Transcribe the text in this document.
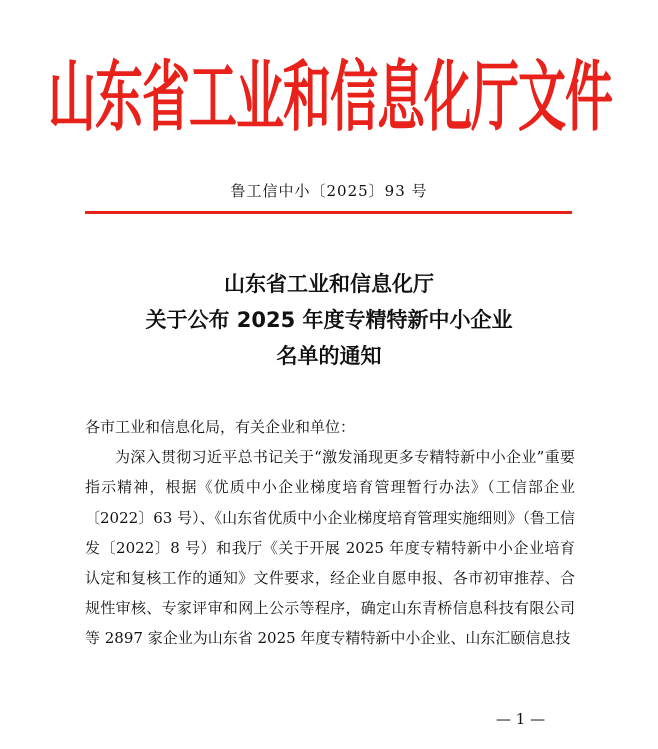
山东省工业和信息化厅文件
鲁工信中小〔2025〕93 号
山东省工业和信息化厅
关于公布 2025 年度专精特新中小企业
名单的通知
各市工业和信息化局，有关企业和单位：
为深入贯彻习近平总书记关于“激发涌现更多专精特新中小企业”重要指示精神，根据《优质中小企业梯度培育管理暂行办法》（工信部企业〔2022〕63 号）、《山东省优质中小企业梯度培育管理实施细则》（鲁工信发〔2022〕8 号）和我厅《关于开展 2025 年度专精特新中小企业培育认定和复核工作的通知》文件要求，经企业自愿申报、各市初审推荐、合规性审核、专家评审和网上公示等程序，确定山东青桥信息科技有限公司等 2897 家企业为山东省 2025 年度专精特新中小企业、山东汇颐信息技
— 1 —
